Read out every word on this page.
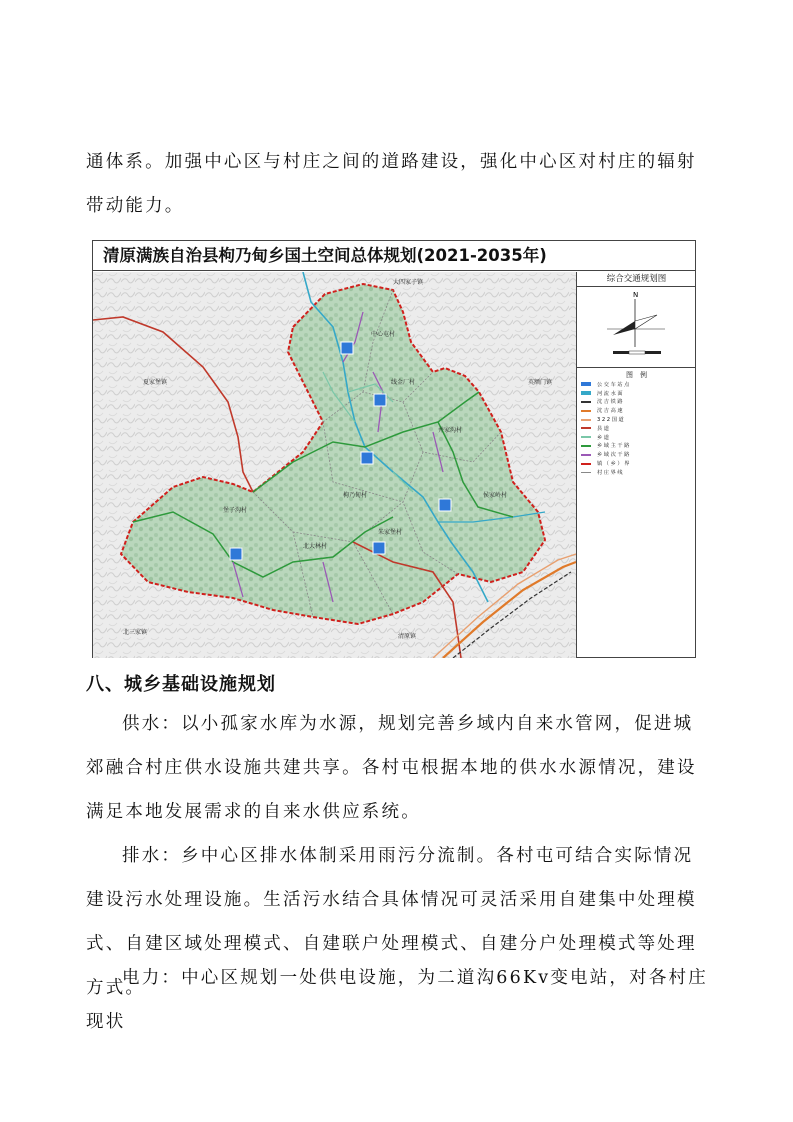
通体系。加强中心区与村庄之间的道路建设，强化中心区对村庄的辐射带动能力。

清原满族自治县枸乃甸乡国土空间总体规划(2021-2035年)
大四家子镇
夏家堡镇	英额门镇
北三家镇
清原镇
中心屯村
线金厂村
井家沟村
枸乃甸村	侯家岭村
堡子沟村
北大林村
朱家堡村
综合交通规划图
N
图　例
公交车站点
河流水面
沈吉铁路
沈吉高速
322国道
县道
乡道
乡域主干路
乡域次干路
镇（乡）界
村庄界线
八、城乡基础设施规划

供水：以小孤家水库为水源，规划完善乡域内自来水管网，促进城郊融合村庄供水设施共建共享。各村屯根据本地的供水水源情况，建设满足本地发展需求的自来水供应系统。

排水：乡中心区排水体制采用雨污分流制。各村屯可结合实际情况建设污水处理设施。生活污水结合具体情况可灵活采用自建集中处理模式、自建区域处理模式、自建联户处理模式、自建分户处理模式等处理方式。

电力：中心区规划一处供电设施，为二道沟66Kv变电站，对各村庄现状
